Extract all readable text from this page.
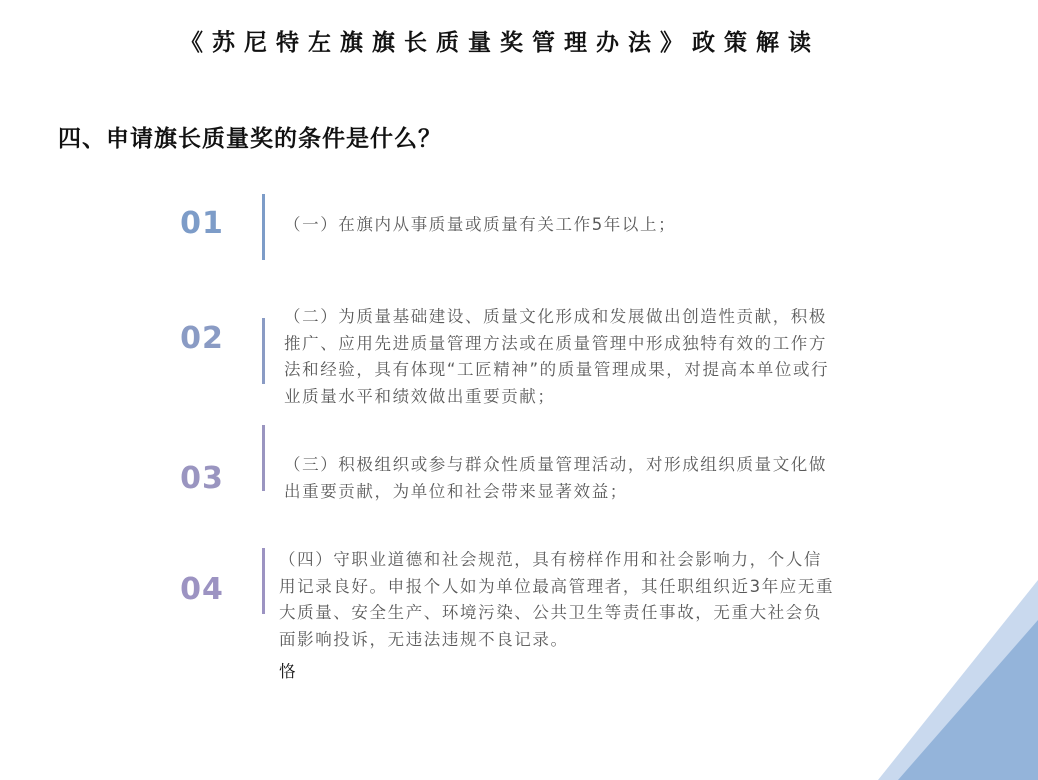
《苏尼特左旗旗长质量奖管理办法》政策解读
四、申请旗长质量奖的条件是什么？
01	（一）在旗内从事质量或质量有关工作5年以上；
02
（二）为质量基础建设、质量文化形成和发展做出创造性贡献，积极推广、应用先进质量管理方法或在质量管理中形成独特有效的工作方法和经验，具有体现“工匠精神”的质量管理成果，对提高本单位或行业质量水平和绩效做出重要贡献；
03	（三）积极组织或参与群众性质量管理活动，对形成组织质量文化做出重要贡献，为单位和社会带来显著效益；
04
（四）守职业道德和社会规范，具有榜样作用和社会影响力，个人信用记录良好。申报个人如为单位最高管理者，其任职组织近3年应无重大质量、安全生产、环境污染、公共卫生等责任事故，无重大社会负面影响投诉，无违法违规不良记录。
恪
